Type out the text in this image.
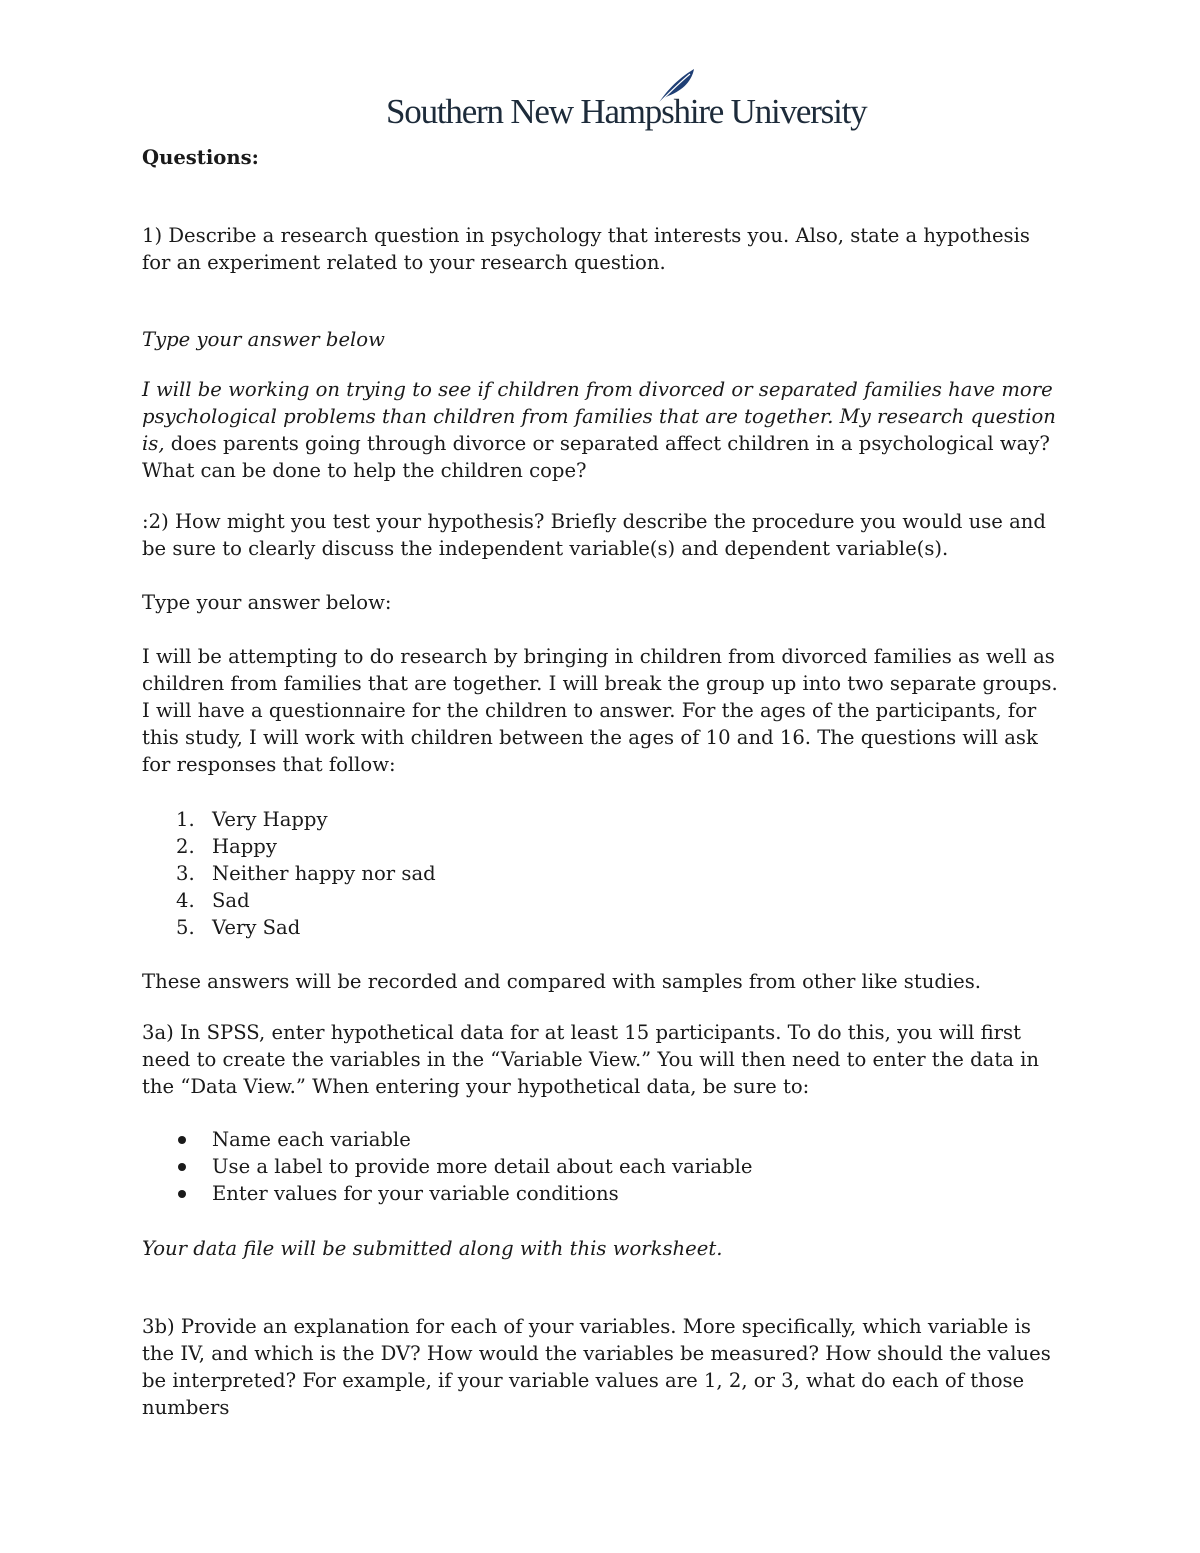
Southern New Hampshire University

Questions:

1) Describe a research question in psychology that interests you. Also, state a hypothesis for an experiment related to your research question.

Type your answer below

I will be working on trying to see if children from divorced or separated families have more psychological problems than children from families that are together. My research question is, does parents going through divorce or separated affect children in a psychological way? What can be done to help the children cope?

:2) How might you test your hypothesis? Briefly describe the procedure you would use and be sure to clearly discuss the independent variable(s) and dependent variable(s).

Type your answer below:

I will be attempting to do research by bringing in children from divorced families as well as children from families that are together. I will break the group up into two separate groups. I will have a questionnaire for the children to answer. For the ages of the participants, for this study, I will work with children between the ages of 10 and 16. The questions will ask for responses that follow:

1. Very Happy
2. Happy
3. Neither happy nor sad
4. Sad
5. Very Sad

These answers will be recorded and compared with samples from other like studies.

3a) In SPSS, enter hypothetical data for at least 15 participants. To do this, you will first need to create the variables in the “Variable View.” You will then need to enter the data in the “Data View.” When entering your hypothetical data, be sure to:

Name each variable
Use a label to provide more detail about each variable
Enter values for your variable conditions

Your data file will be submitted along with this worksheet.

3b) Provide an explanation for each of your variables. More specifically, which variable is the IV, and which is the DV? How would the variables be measured? How should the values be interpreted? For example, if your variable values are 1, 2, or 3, what do each of those numbers
